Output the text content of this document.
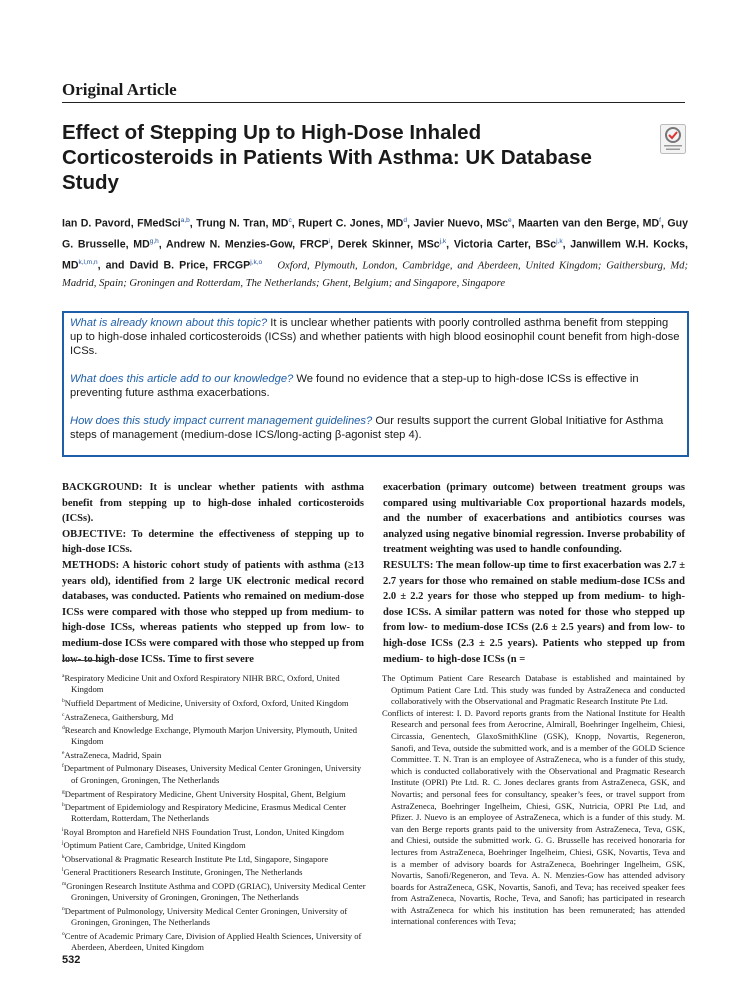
Original Article
Effect of Stepping Up to High-Dose Inhaled Corticosteroids in Patients With Asthma: UK Database Study
Ian D. Pavord, FMedSci$^{a,b}$, Trung N. Tran, $MD^c$, Rupert C. Jones, $MD^d$, Javier Nuevo, MSc$^e$, Maarten van den Berge, $MD^f$, Guy G. Brusselle, MD$^{g,h}$, Andrew N. Menzies-Gow, FRCP$^i$, Derek Skinner, MSc$^{j,k}$, Victoria Carter, BSc$^{j,k}$, Janwillem W.H. Kocks, MD$^{k,l,m,n}$, and David B. Price, FRCGP$^{j,k,o}$ Oxford, Plymouth, London, Cambridge, and Aberdeen, United Kingdom; Gaithersburg, Md; Madrid, Spain; Groningen and Rotterdam, The Netherlands; Ghent, Belgium; and Singapore, Singapore

What is already known about this topic? It is unclear whether patients with poorly controlled asthma benefit from stepping up to high-dose inhaled corticosteroids (ICSs) and whether patients with high blood eosinophil count benefit from high-dose ICSs.

What does this article add to our knowledge? We found no evidence that a step-up to high-dose ICSs is effective in preventing future asthma exacerbations.

How does this study impact current management guidelines? Our results support the current Global Initiative for Asthma steps of management (medium-dose ICS/long-acting β-agonist step 4).

BACKGROUND: It is unclear whether patients with asthma benefit from stepping up to high-dose inhaled corticosteroids (ICSs).

OBJECTIVE: To determine the effectiveness of stepping up to high-dose ICSs.

METHODS: A historic cohort study of patients with asthma (≥13 years old), identified from 2 large UK electronic medical record databases, was conducted. Patients who remained on medium-dose ICSs were compared with those who stepped up from medium- to high-dose ICSs, whereas patients who stepped up from low- to medium-dose ICSs were compared with those who stepped up from low- to high-dose ICSs. Time to first severe

exacerbation (primary outcome) between treatment groups was compared using multivariable Cox proportional hazards models, and the number of exacerbations and antibiotics courses was analyzed using negative binomial regression. Inverse probability of treatment weighting was used to handle confounding.

RESULTS: The mean follow-up time to first exacerbation was 2.7 ± 2.7 years for those who remained on stable medium-dose ICSs and 2.0 ± 2.2 years for those who stepped up from medium- to high-dose ICSs. A similar pattern was noted for those who stepped up from low- to medium-dose ICSs (2.6 ± 2.5 years) and from low- to high-dose ICSs (2.3 ± 2.5 years). Patients who stepped up from medium- to high-dose ICSs (n =

$^a$Respiratory Medicine Unit and Oxford Respiratory NIHR BRC, Oxford, United Kingdom

$^b$Nuffield Department of Medicine, University of Oxford, Oxford, United Kingdom

$^c$AstraZeneca, Gaithersburg, Md

$^d$Research and Knowledge Exchange, Plymouth Marjon University, Plymouth, United Kingdom

$^e$AstraZeneca, Madrid, Spain

$^f$Department of Pulmonary Diseases, University Medical Center Groningen, University of Groningen, Groningen, The Netherlands

$^g$Department of Respiratory Medicine, Ghent University Hospital, Ghent, Belgium

$^h$Department of Epidemiology and Respiratory Medicine, Erasmus Medical Center Rotterdam, Rotterdam, The Netherlands

$^i$Royal Brompton and Harefield NHS Foundation Trust, London, United Kingdom

$^j$Optimum Patient Care, Cambridge, United Kingdom

$^k$Observational & Pragmatic Research Institute Pte Ltd, Singapore, Singapore

$^l$General Practitioners Research Institute, Groningen, The Netherlands

$^m$Groningen Research Institute Asthma and COPD (GRIAC), University Medical Center Groningen, University of Groningen, Groningen, The Netherlands

$^n$Department of Pulmonology, University Medical Center Groningen, University of Groningen, Groningen, The Netherlands

$^o$Centre of Academic Primary Care, Division of Applied Health Sciences, University of Aberdeen, Aberdeen, United Kingdom

The Optimum Patient Care Research Database is established and maintained by Optimum Patient Care Ltd. This study was funded by AstraZeneca and conducted collaboratively with the Observational and Pragmatic Research Institute Pte Ltd.

Conflicts of interest: I. D. Pavord reports grants from the National Institute for Health Research and personal fees from Aerocrine, Almirall, Boehringer Ingelheim, Chiesi, Circassia, Genentech, GlaxoSmithKline (GSK), Knopp, Novartis, Regeneron, Sanofi, and Teva, outside the submitted work, and is a member of the GOLD Science Committee. T. N. Tran is an employee of AstraZeneca, who is a funder of this study, which is conducted collaboratively with the Observational and Pragmatic Research Institute (OPRI) Pte Ltd. R. C. Jones declares grants from AstraZeneca, GSK, and Novartis; and personal fees for consultancy, speaker’s fees, or travel support from AstraZeneca, Boehringer Ingelheim, Chiesi, GSK, Nutricia, OPRI Pte Ltd, and Pfizer. J. Nuevo is an employee of AstraZeneca, which is a funder of this study. M. van den Berge reports grants paid to the university from AstraZeneca, Teva, GSK, and Chiesi, outside the submitted work. G. G. Brusselle has received honoraria for lectures from AstraZeneca, Boehringer Ingelheim, Chiesi, GSK, Novartis, Teva and is a member of advisory boards for AstraZeneca, Boehringer Ingelheim, GSK, Novartis, Sanofi/Regeneron, and Teva. A. N. Menzies-Gow has attended advisory boards for AstraZeneca, GSK, Novartis, Sanofi, and Teva; has received speaker fees from AstraZeneca, Novartis, Roche, Teva, and Sanofi; has participated in research with AstraZeneca for which his institution has been remunerated; has attended international conferences with Teva;

532
